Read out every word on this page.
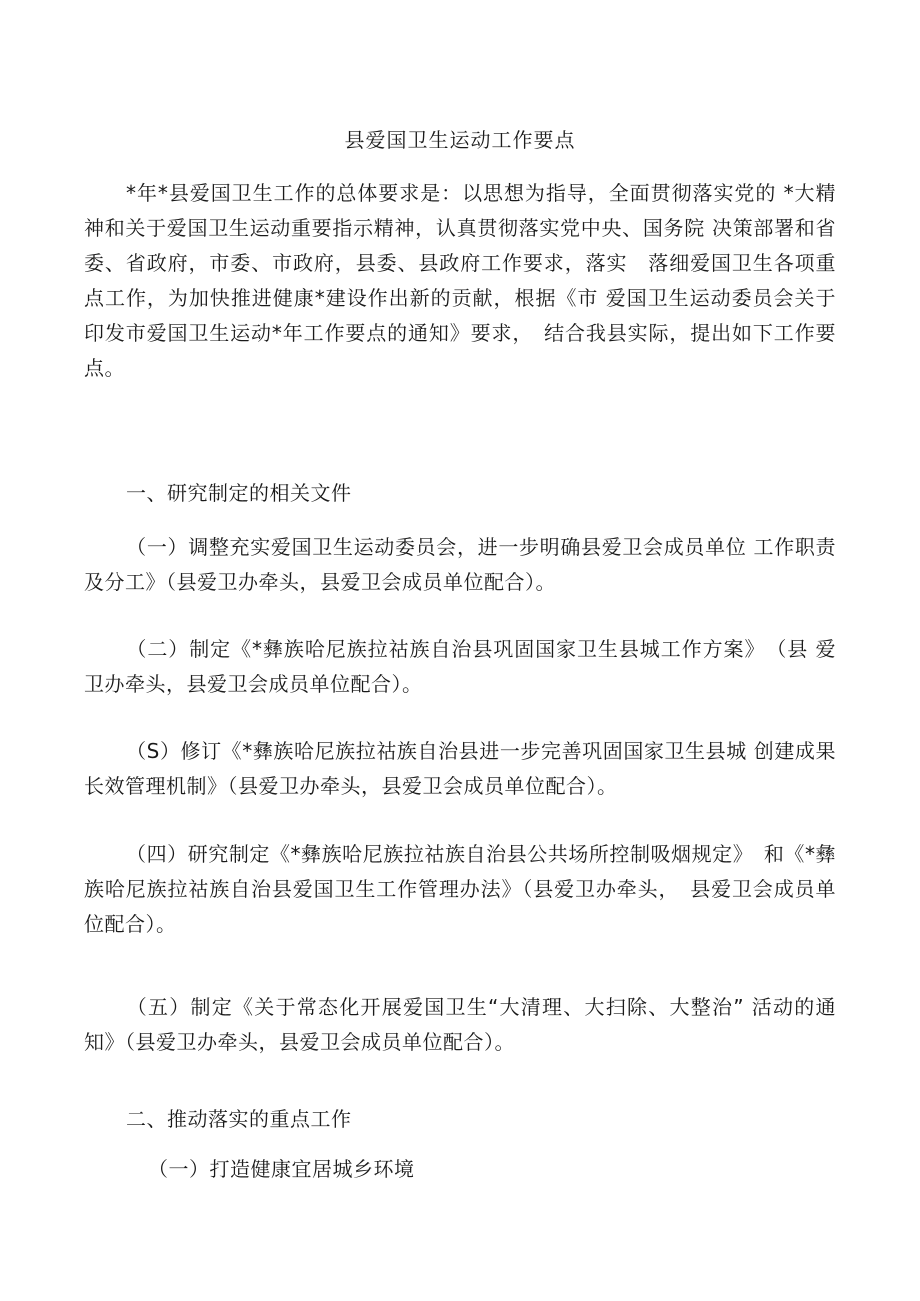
县爱国卫生运动工作要点
*年*县爱国卫生工作的总体要求是：以思想为指导，全面贯彻落实党的 *大精神和关于爱国卫生运动重要指示精神，认真贯彻落实党中央、国务院 决策部署和省委、省政府，市委、市政府，县委、县政府工作要求，落实　落细爱国卫生各项重点工作，为加快推进健康*建设作出新的贡献，根据《市 爱国卫生运动委员会关于印发市爱国卫生运动*年工作要点的通知》要求，　结合我县实际，提出如下工作要点。
一、研究制定的相关文件
（一）调整充实爱国卫生运动委员会，进一步明确县爱卫会成员单位 工作职责及分工》（县爱卫办牵头，县爱卫会成员单位配合）。
（二）制定《*彝族哈尼族拉祜族自治县巩固国家卫生县城工作方案》　（县 爱卫办牵头，县爱卫会成员单位配合）。
（S）修订《*彝族哈尼族拉祜族自治县进一步完善巩固国家卫生县城 创建成果长效管理机制》（县爱卫办牵头，县爱卫会成员单位配合）。
（四）研究制定《*彝族哈尼族拉祜族自治县公共场所控制吸烟规定》　和《*彝族哈尼族拉祜族自治县爱国卫生工作管理办法》（县爱卫办牵头，　县爱卫会成员单位配合）。
（五）制定《关于常态化开展爱国卫生“大清理、大扫除、大整治” 活动的通知》（县爱卫办牵头，县爱卫会成员单位配合）。
二、推动落实的重点工作
（一）打造健康宜居城乡环境
